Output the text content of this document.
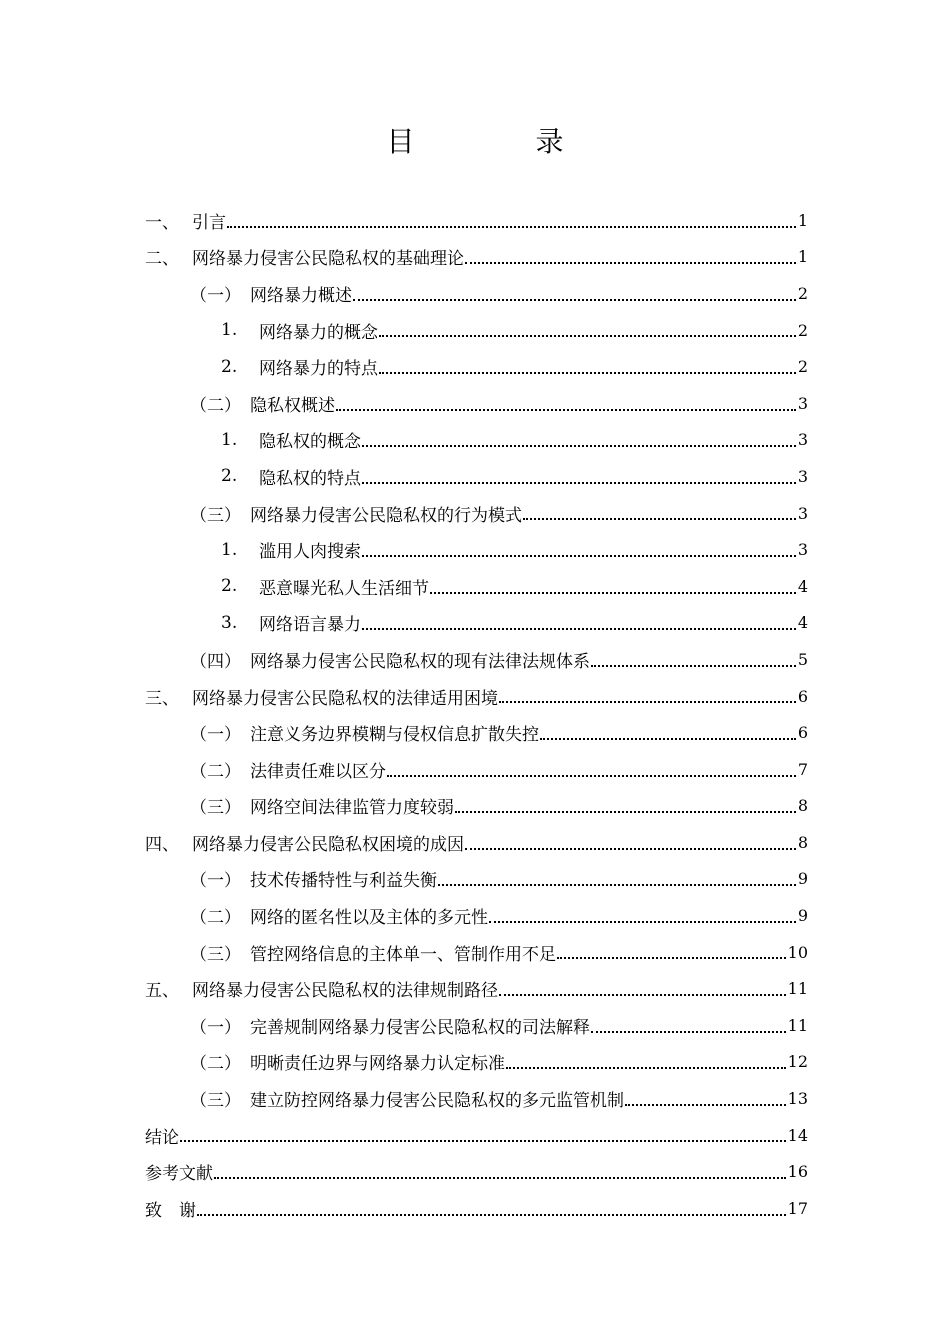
目 录
一、 引言	1
二、 网络暴力侵害公民隐私权的基础理论	1
（一） 网络暴力概述	2
1.	网络暴力的概念	2
2.	网络暴力的特点	2
（二） 隐私权概述	3
1.	隐私权的概念	3
2.	隐私权的特点	3
（三） 网络暴力侵害公民隐私权的行为模式	3
1.	滥用人肉搜索	3
2.	恶意曝光私人生活细节	4
3.	网络语言暴力	4
（四） 网络暴力侵害公民隐私权的现有法律法规体系	5
三、 网络暴力侵害公民隐私权的法律适用困境	6
（一） 注意义务边界模糊与侵权信息扩散失控	6
（二） 法律责任难以区分	7
（三） 网络空间法律监管力度较弱	8
四、 网络暴力侵害公民隐私权困境的成因	8
（一） 技术传播特性与利益失衡	9
（二） 网络的匿名性以及主体的多元性	9
（三） 管控网络信息的主体单一、管制作用不足	10
五、 网络暴力侵害公民隐私权的法律规制路径	11
（一） 完善规制网络暴力侵害公民隐私权的司法解释	11
（二） 明晰责任边界与网络暴力认定标准	12
（三） 建立防控网络暴力侵害公民隐私权的多元监管机制	13
结论	14
参考文献	16
致　谢	17
